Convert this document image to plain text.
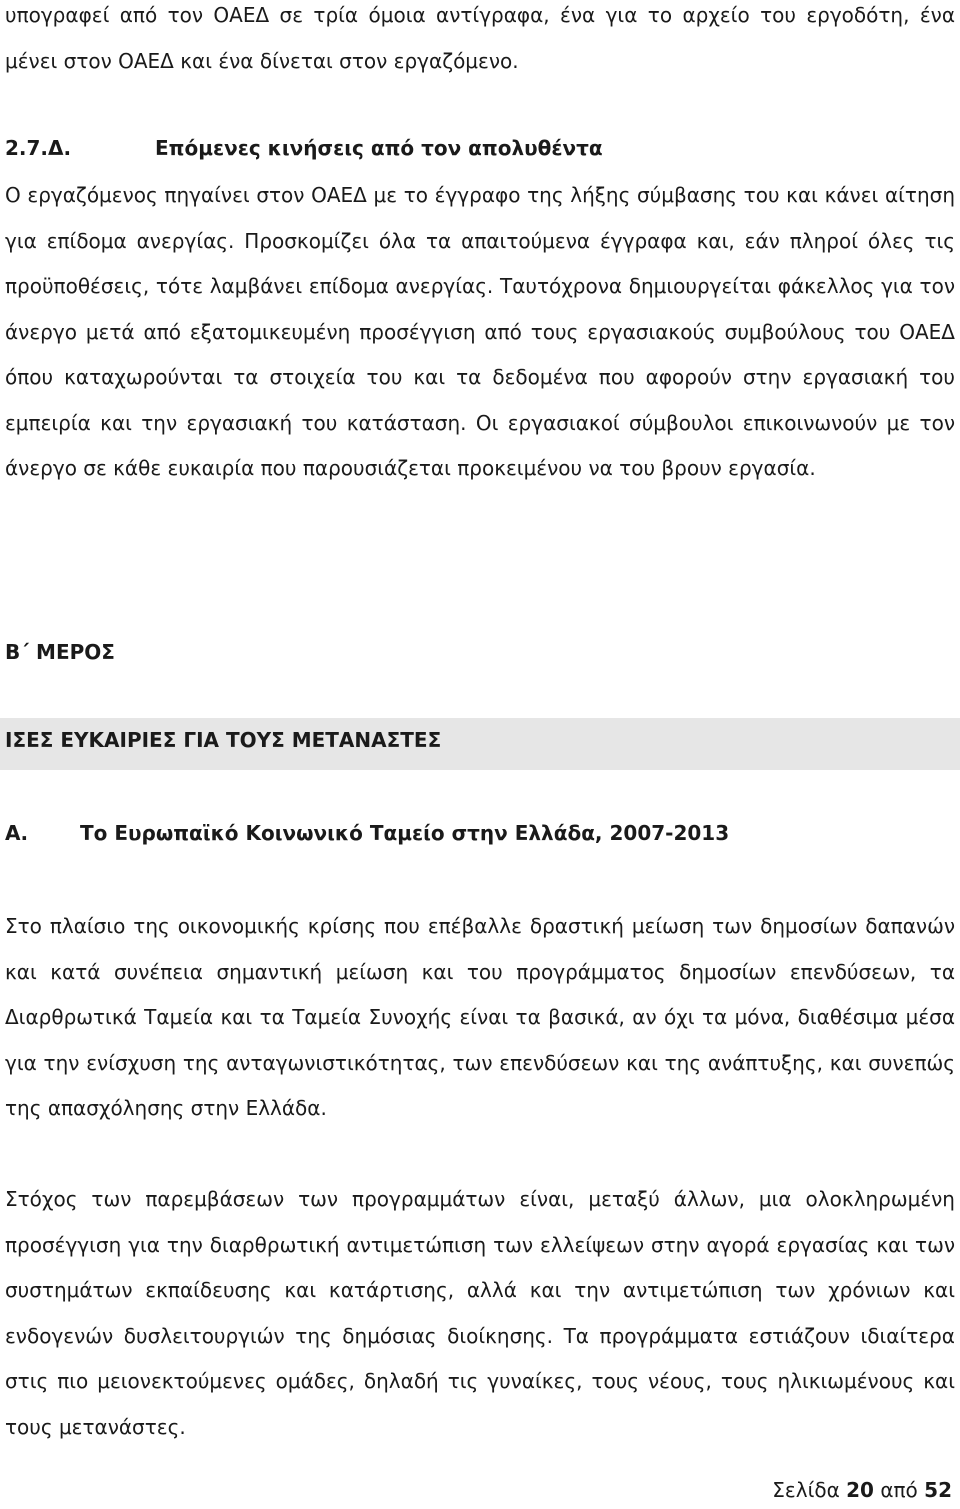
υπογραφεί από τον ΟΑΕΔ σε τρία όμοια αντίγραφα, ένα για το αρχείο του εργοδότη, ένα μένει στον ΟΑΕΔ και ένα δίνεται στον εργαζόμενο.

2.7.Δ.	Επόμενες κινήσεις από τον απολυθέντα

Ο εργαζόμενος πηγαίνει στον ΟΑΕΔ με το έγγραφο της λήξης σύμβασης του και κάνει αίτηση για επίδομα ανεργίας. Προσκομίζει όλα τα απαιτούμενα έγγραφα και, εάν πληροί όλες τις προϋποθέσεις, τότε λαμβάνει επίδομα ανεργίας. Ταυτόχρονα δημιουργείται φάκελλος για τον άνεργο μετά από εξατομικευμένη προσέγγιση από τους εργασιακούς συμβούλους του ΟΑΕΔ όπου καταχωρούνται τα στοιχεία του και τα δεδομένα που αφορούν στην εργασιακή του εμπειρία και την εργασιακή του κατάσταση. Οι εργασιακοί σύμβουλοι επικοινωνούν με τον άνεργο σε κάθε ευκαιρία που παρουσιάζεται προκειμένου να του βρουν εργασία.

Β΄ ΜΕΡΟΣ
ΙΣΕΣ ΕΥΚΑΙΡΙΕΣ ΓΙΑ ΤΟΥΣ ΜΕΤΑΝΑΣΤΕΣ
Α.	Το Ευρωπαϊκό Κοινωνικό Ταμείο στην Ελλάδα, 2007-2013

Στο πλαίσιο της οικονομικής κρίσης που επέβαλλε δραστική μείωση των δημοσίων δαπανών και κατά συνέπεια σημαντική μείωση και του προγράμματος δημοσίων επενδύσεων, τα Διαρθρωτικά Ταμεία και τα Ταμεία Συνοχής είναι τα βασικά, αν όχι τα μόνα, διαθέσιμα μέσα για την ενίσχυση της ανταγωνιστικότητας, των επενδύσεων και της ανάπτυξης, και συνεπώς της απασχόλησης στην Ελλάδα.

Στόχος των παρεμβάσεων των προγραμμάτων είναι, μεταξύ άλλων, μια ολοκληρωμένη προσέγγιση για την διαρθρωτική αντιμετώπιση των ελλείψεων στην αγορά εργασίας και των συστημάτων εκπαίδευσης και κατάρτισης, αλλά και την αντιμετώπιση των χρόνιων και ενδογενών δυσλειτουργιών της δημόσιας διοίκησης. Τα προγράμματα εστιάζουν ιδιαίτερα στις πιο μειονεκτούμενες ομάδες, δηλαδή τις γυναίκες, τους νέους, τους ηλικιωμένους και τους μετανάστες.

Σελίδα 20 από 52
